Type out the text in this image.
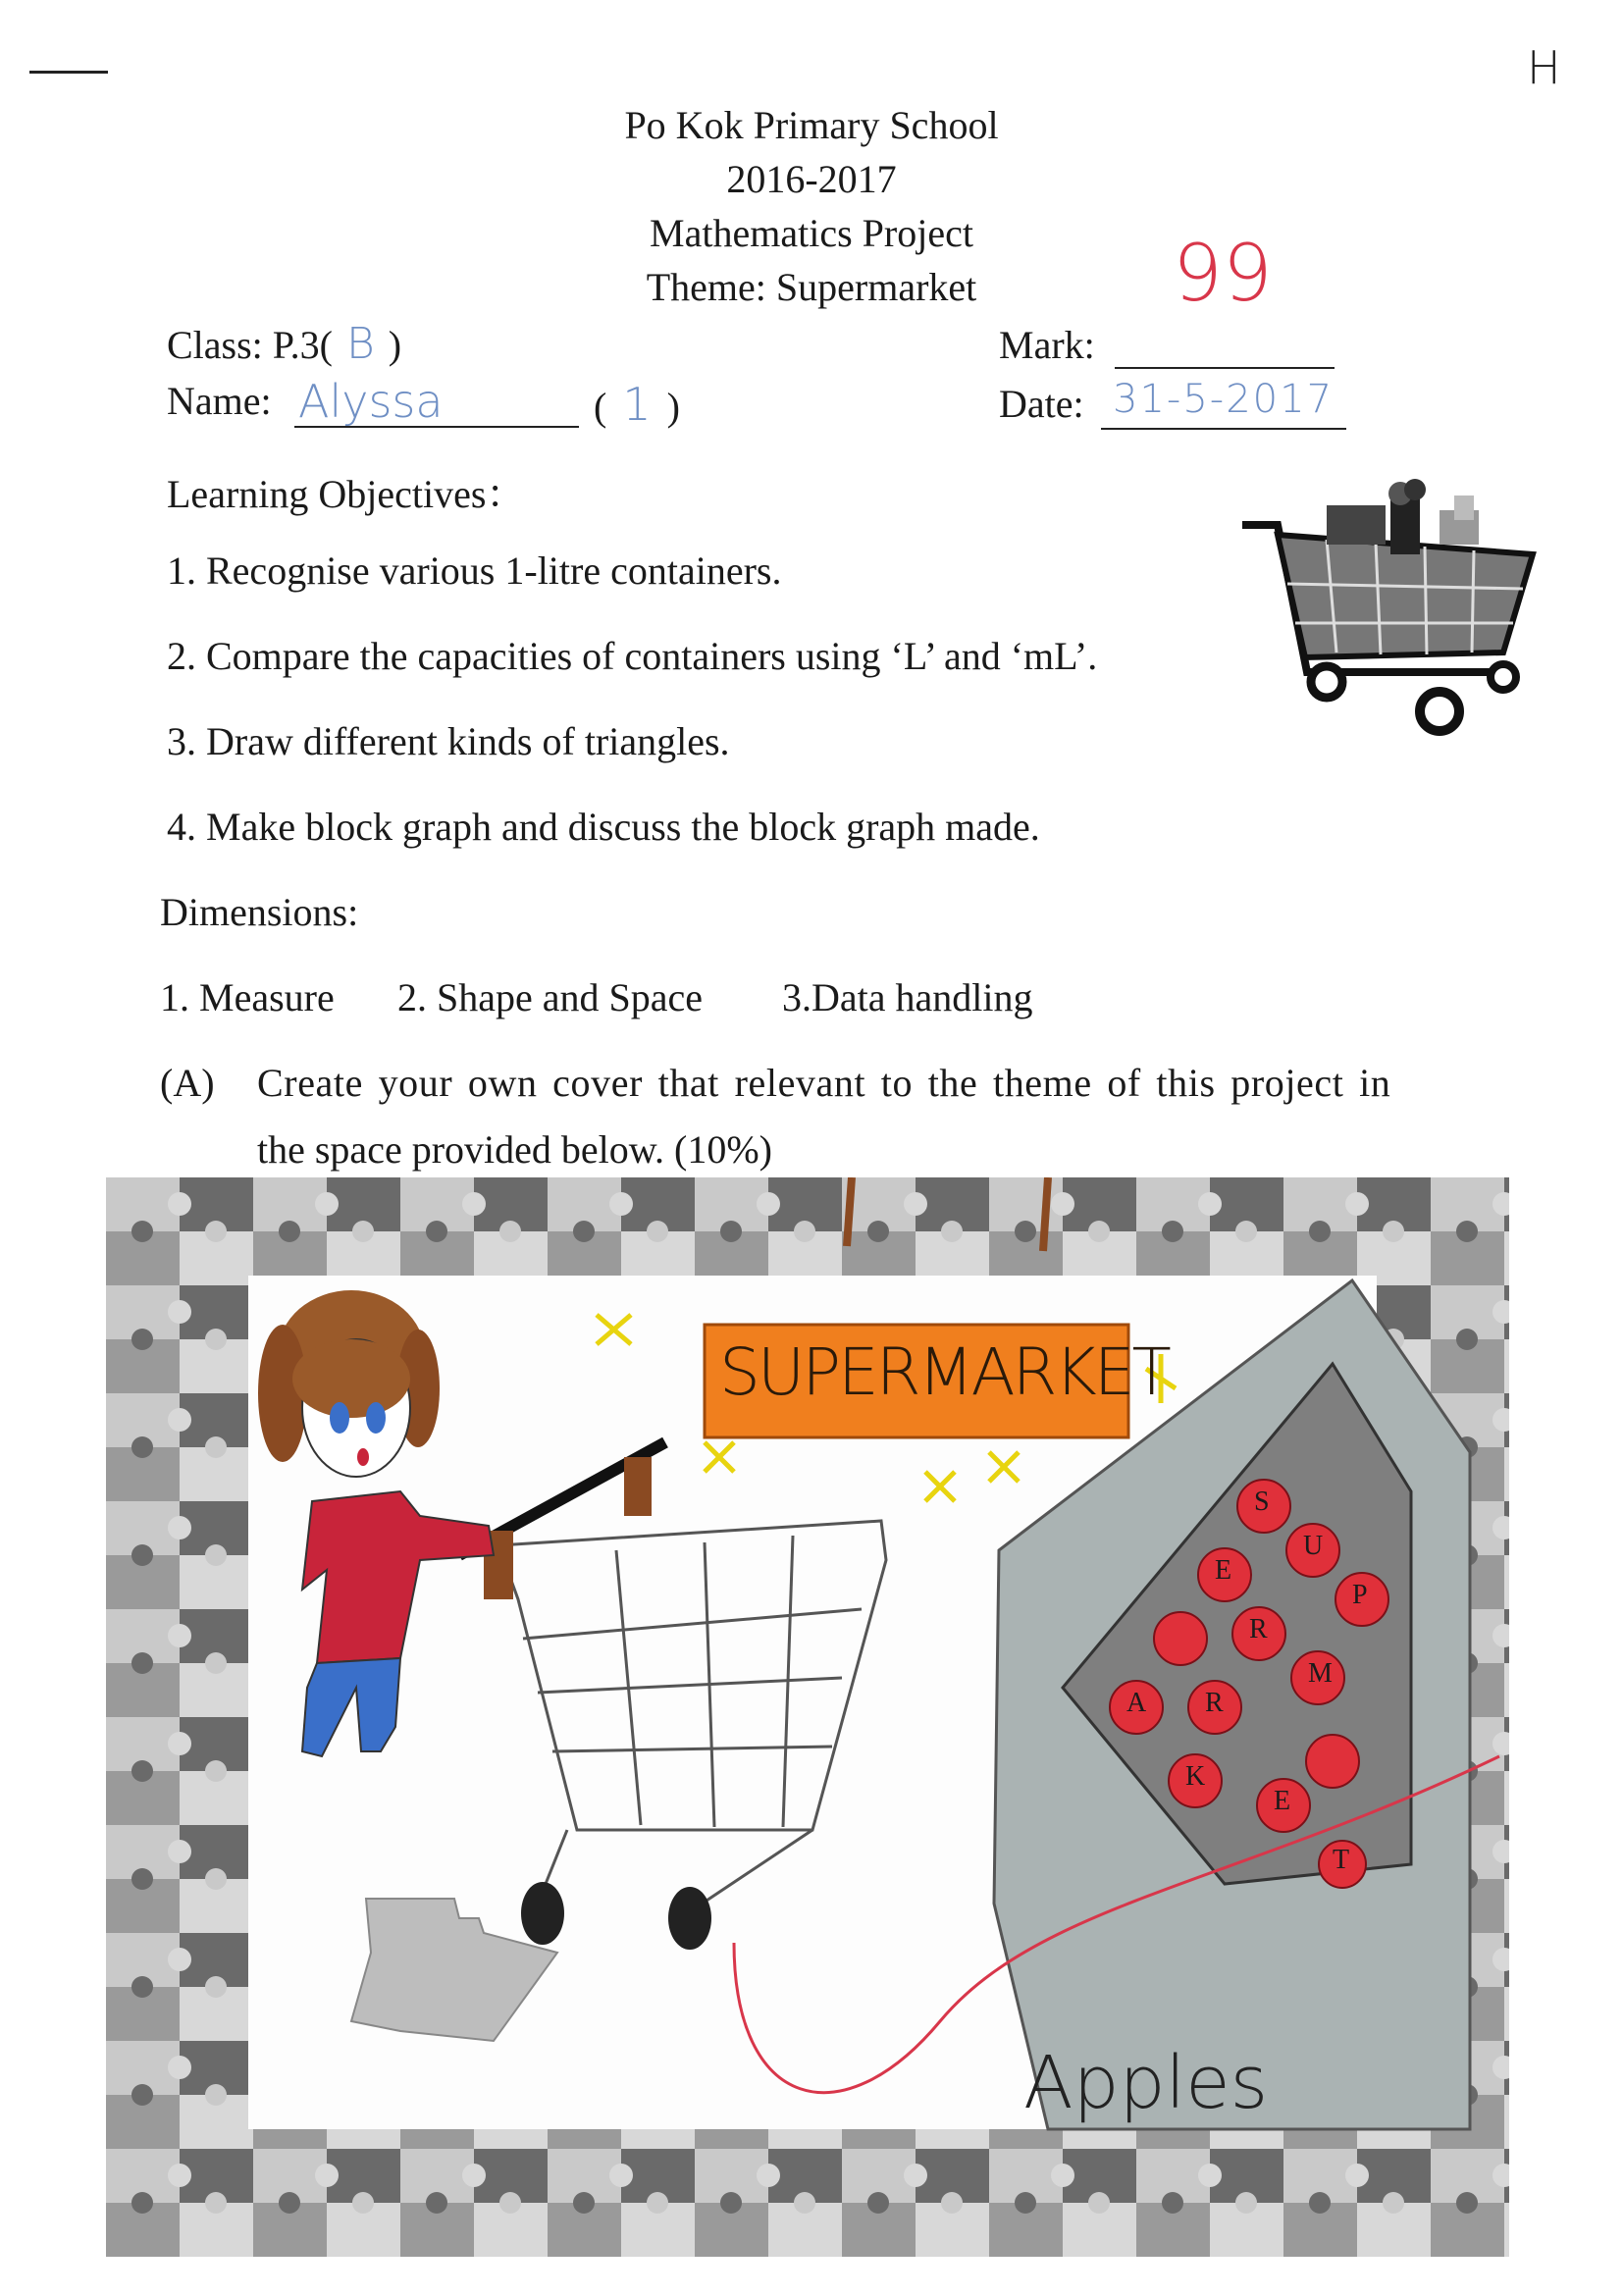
H
Po Kok Primary School
2016-2017
Mathematics Project
Theme: Supermarket
Class: P.3( B )
Name: Alyssa	( 1 )
Mark:
99
Date: 31-5-2017
Learning Objectives：
1. Recognise various 1-litre containers.
2. Compare the capacities of containers using ‘L’ and ‘mL’.
3. Draw different kinds of triangles.
4. Make block graph and discuss the block graph made.
Dimensions:
1. Measure 2. Shape and Space 3.Data handling
(A) Create your own cover that relevant to the theme of this project in
the space provided below. (10%)
SUPERMARKET
Apples
S
U
P
E
R
M
A R
K
E
T
